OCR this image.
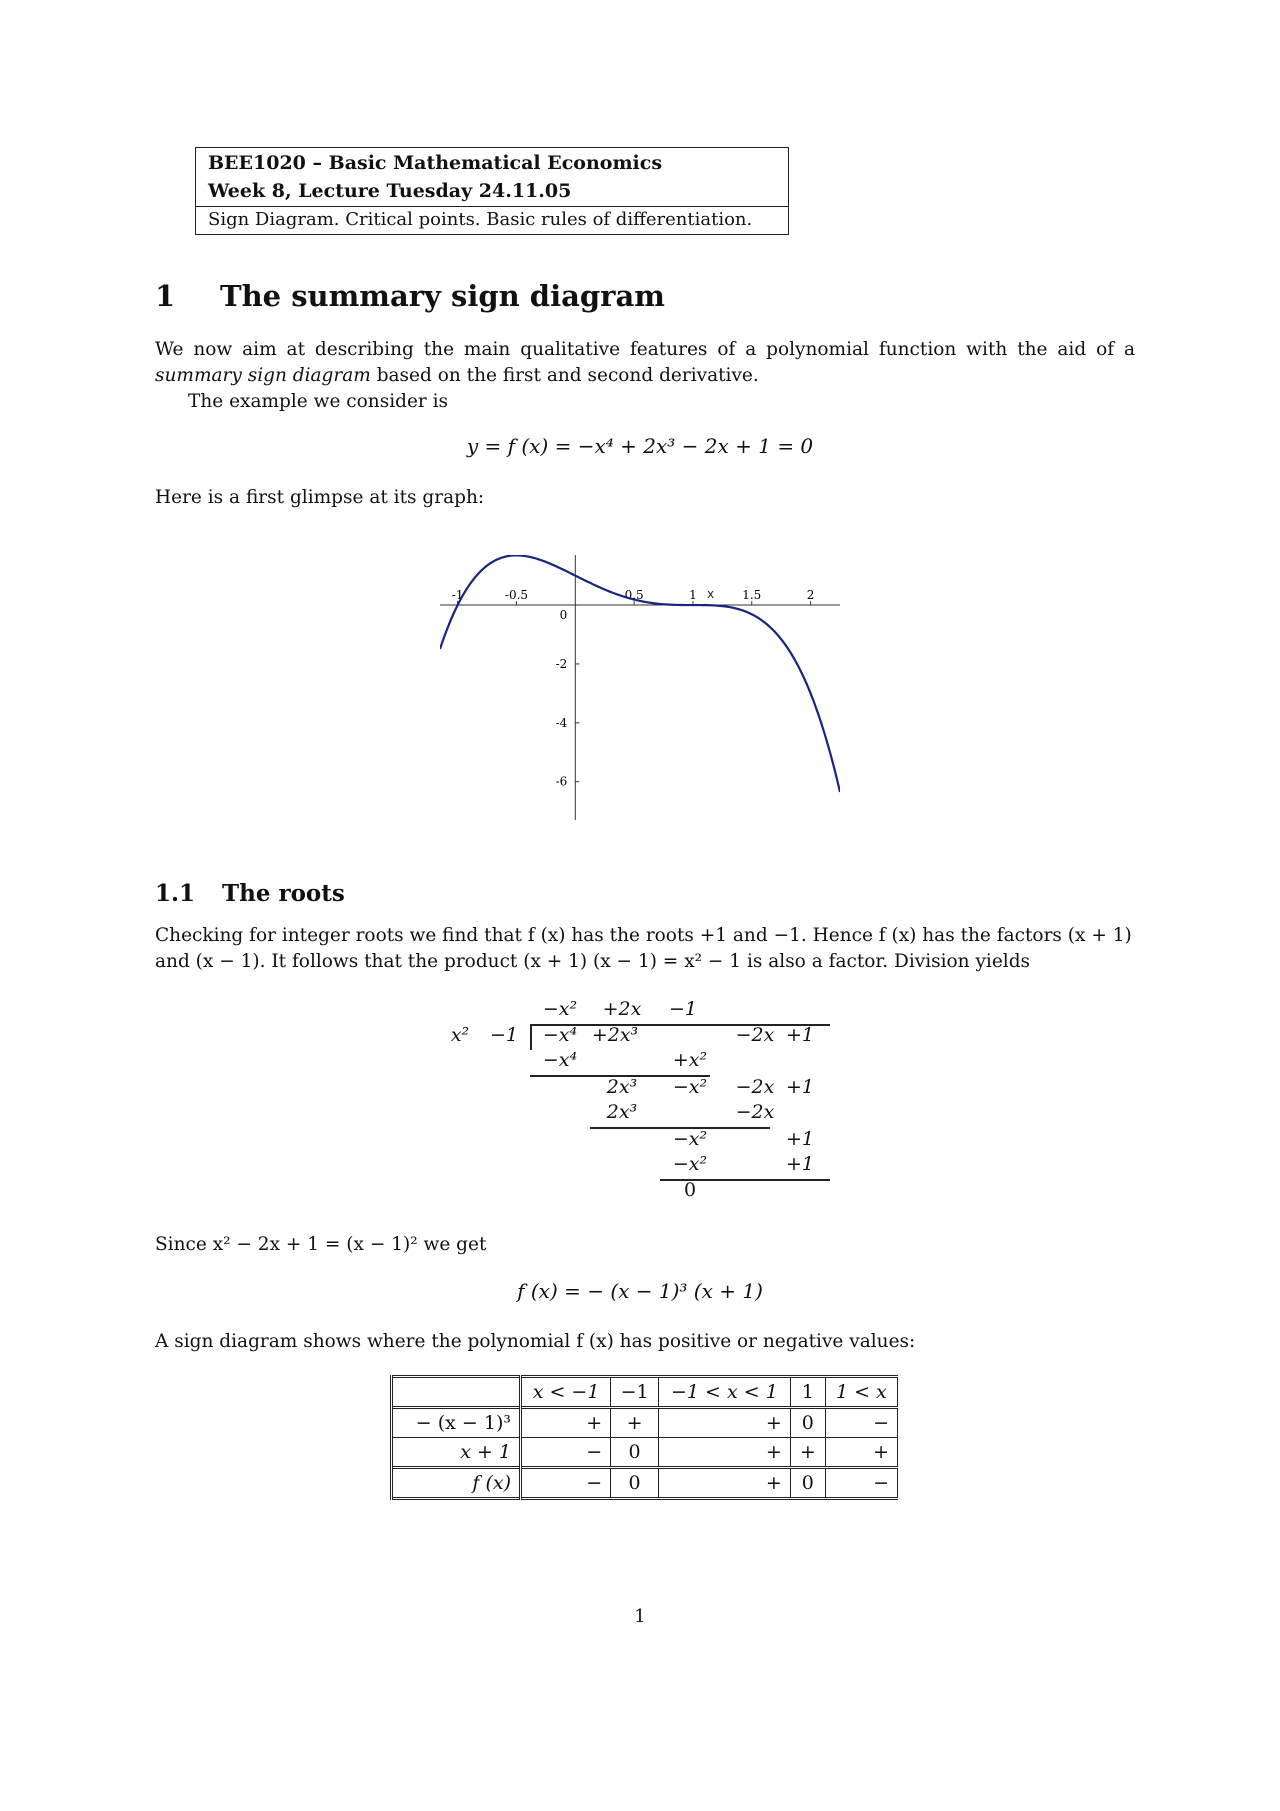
BEE1020 – Basic Mathematical Economics
Week 8, Lecture Tuesday 24.11.05
Sign Diagram. Critical points. Basic rules of differentiation.
1 The summary sign diagram
We now aim at describing the main qualitative features of a polynomial function with the aid of a summary sign diagram based on the first and second derivative.
The example we consider is
y = f (x) = −x⁴ + 2x³ − 2x + 1 = 0
Here is a first glimpse at its graph:
-1	-0.5	0.5	1	1.5	2
0
-2
-4
-6
x
1.1 The roots
Checking for integer roots we find that f (x) has the roots +1 and −1. Hence f (x) has the factors (x + 1)
and (x − 1). It follows that the product (x + 1) (x − 1) = x² − 1 is also a factor. Division yields
−x²	+2x	−1
x²	−1	−x⁴ +2x³	−2x +1
−x⁴	+x²
2x³	−x²	−2x +1
2x³	−2x
−x²	+1
−x²	+1
0
Since x² − 2x + 1 = (x − 1)² we get
f (x) = − (x − 1)³ (x + 1)
A sign diagram shows where the polynomial f (x) has positive or negative values:
	x < −1	−1	−1 < x < 1	1	1 < x
− (x − 1)³	+	+	+	0	−
x + 1	−	0	+	+	+
f (x)	−	0	+	0	−
1
